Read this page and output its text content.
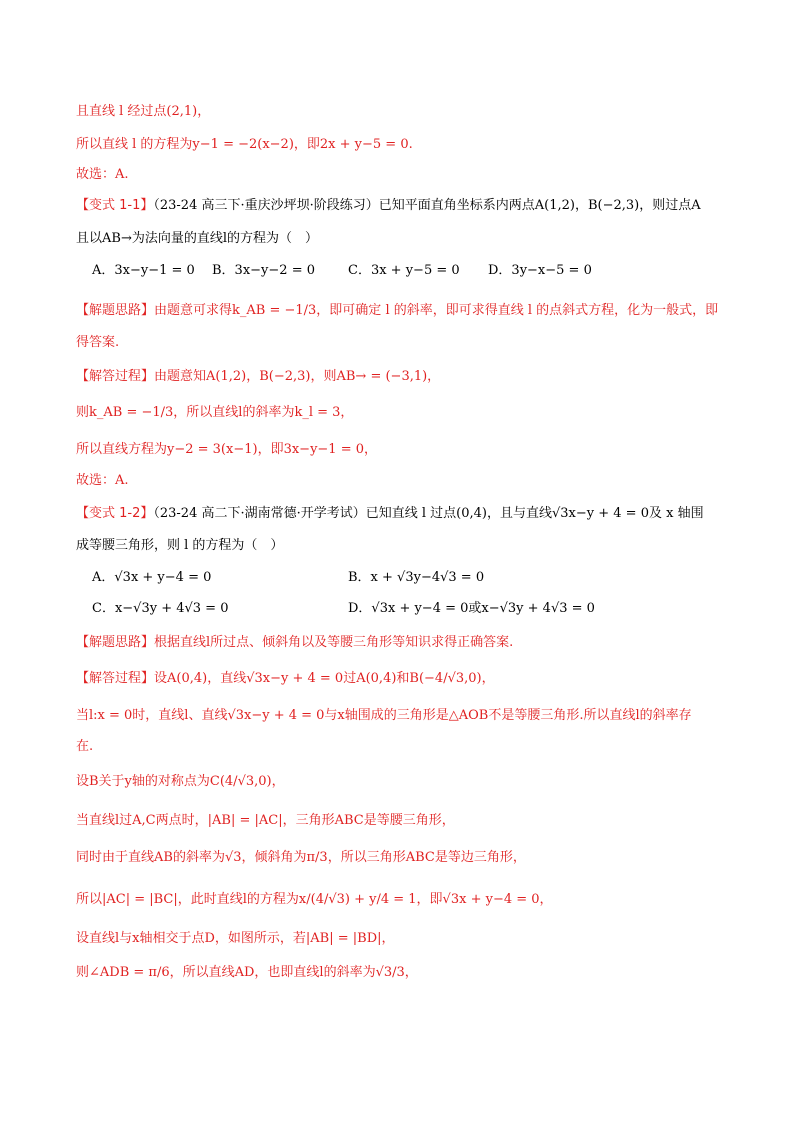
且直线 l 经过点(2,1)，
所以直线 l 的方程为y−1 = −2(x−2)，即2x + y−5 = 0.
故选：A.
【变式 1-1】（23-24 高三下·重庆沙坪坝·阶段练习）已知平面直角坐标系内两点A(1,2)，B(−2,3)，则过点A
且以AB→为法向量的直线l的方程为（　）
A．3x−y−1 = 0 B．3x−y−2 = 0	C．3x + y−5 = 0 D．3y−x−5 = 0
【解题思路】由题意可求得k_AB = −1/3，即可确定 l 的斜率，即可求得直线 l 的点斜式方程，化为一般式，即
得答案.
【解答过程】由题意知A(1,2)，B(−2,3)，则AB→ = (−3,1)，
则k_AB = −1/3，所以直线l的斜率为k_l = 3，
所以直线方程为y−2 = 3(x−1)，即3x−y−1 = 0，
故选：A.
【变式 1-2】（23-24 高二下·湖南常德·开学考试）已知直线 l 过点(0,4)，且与直线√3x−y + 4 = 0及 x 轴围
成等腰三角形，则 l 的方程为（　）
A．√3x + y−4 = 0	B．x + √3y−4√3 = 0
C．x−√3y + 4√3 = 0	D．√3x + y−4 = 0或x−√3y + 4√3 = 0
【解题思路】根据直线l所过点、倾斜角以及等腰三角形等知识求得正确答案.
【解答过程】设A(0,4)，直线√3x−y + 4 = 0过A(0,4)和B(−4/√3,0)，
当l:x = 0时，直线l、直线√3x−y + 4 = 0与x轴围成的三角形是△AOB不是等腰三角形.所以直线l的斜率存
在.
设B关于y轴的对称点为C(4/√3,0)，
当直线l过A,C两点时，|AB| = |AC|，三角形ABC是等腰三角形，
同时由于直线AB的斜率为√3，倾斜角为π/3，所以三角形ABC是等边三角形，
所以|AC| = |BC|，此时直线l的方程为x/(4/√3) + y/4 = 1，即√3x + y−4 = 0，
设直线l与x轴相交于点D，如图所示，若|AB| = |BD|，
则∠ADB = π/6，所以直线AD，也即直线l的斜率为√3/3，
